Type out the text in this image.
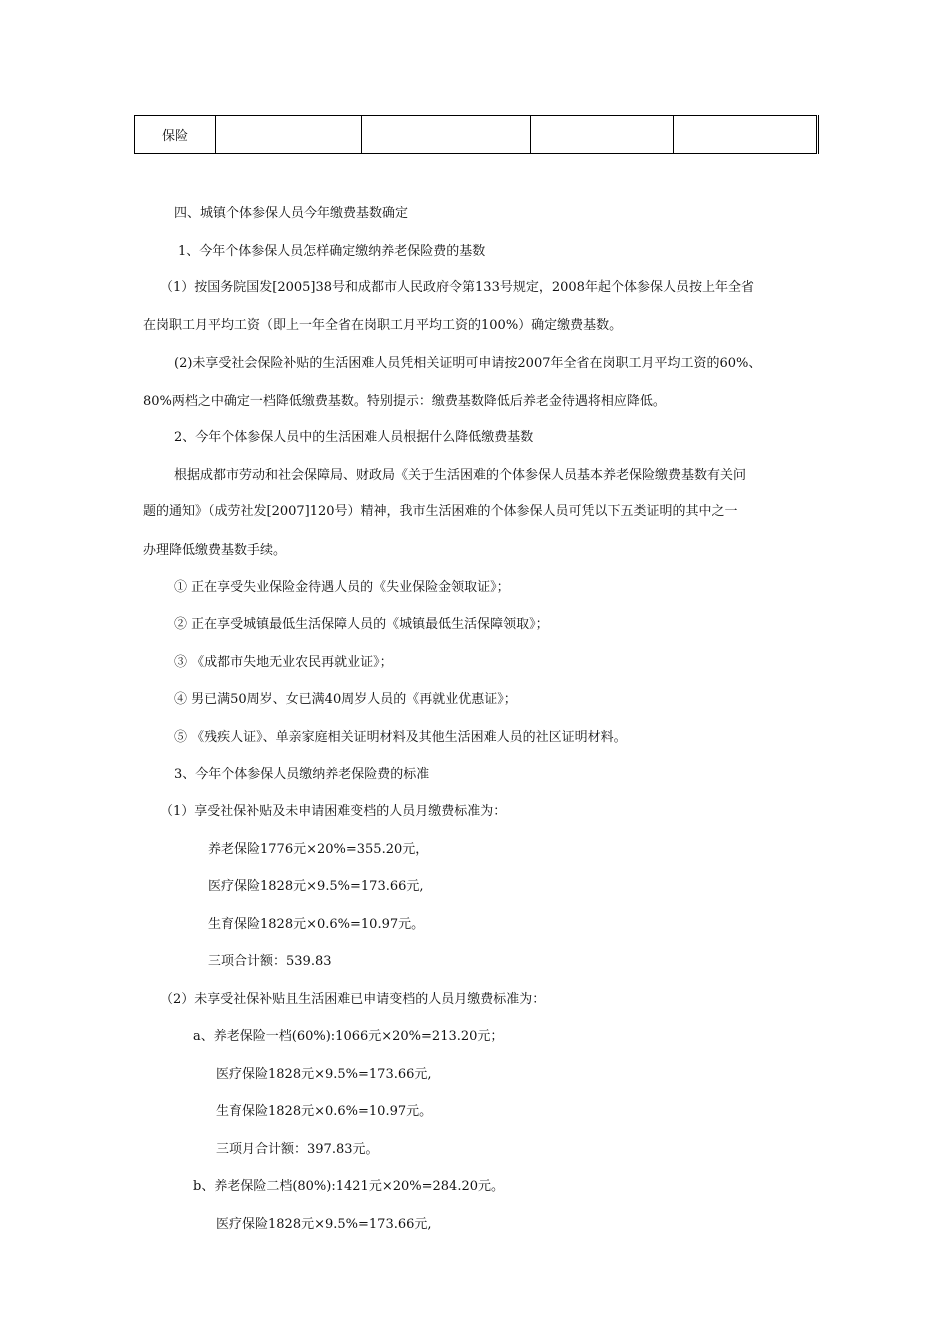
保险				
四、城镇个体参保人员今年缴费基数确定
1、今年个体参保人员怎样确定缴纳养老保险费的基数
（1）按国务院国发[2005]38号和成都市人民政府令第133号规定，2008年起个体参保人员按上年全省
在岗职工月平均工资（即上一年全省在岗职工月平均工资的100%）确定缴费基数。
(2)未享受社会保险补贴的生活困难人员凭相关证明可申请按2007年全省在岗职工月平均工资的60%、
80%两档之中确定一档降低缴费基数。特别提示：缴费基数降低后养老金待遇将相应降低。
2、今年个体参保人员中的生活困难人员根据什么降低缴费基数
根据成都市劳动和社会保障局、财政局《关于生活困难的个体参保人员基本养老保险缴费基数有关问
题的通知》（成劳社发[2007]120号）精神，我市生活困难的个体参保人员可凭以下五类证明的其中之一
办理降低缴费基数手续。
① 正在享受失业保险金待遇人员的《失业保险金领取证》；
② 正在享受城镇最低生活保障人员的《城镇最低生活保障领取》；
③ 《成都市失地无业农民再就业证》；
④ 男已满50周岁、女已满40周岁人员的《再就业优惠证》；
⑤ 《残疾人证》、单亲家庭相关证明材料及其他生活困难人员的社区证明材料。
3、今年个体参保人员缴纳养老保险费的标准
（1）享受社保补贴及未申请困难变档的人员月缴费标准为：
养老保险1776元×20%=355.20元，
医疗保险1828元×9.5%=173.66元,
生育保险1828元×0.6%=10.97元。
三项合计额：539.83
（2）未享受社保补贴且生活困难已申请变档的人员月缴费标准为：
a、养老保险一档(60%):1066元×20%=213.20元；
医疗保险1828元×9.5%=173.66元,
生育保险1828元×0.6%=10.97元。
三项月合计额：397.83元。
b、养老保险二档(80%):1421元×20%=284.20元。
医疗保险1828元×9.5%=173.66元,
